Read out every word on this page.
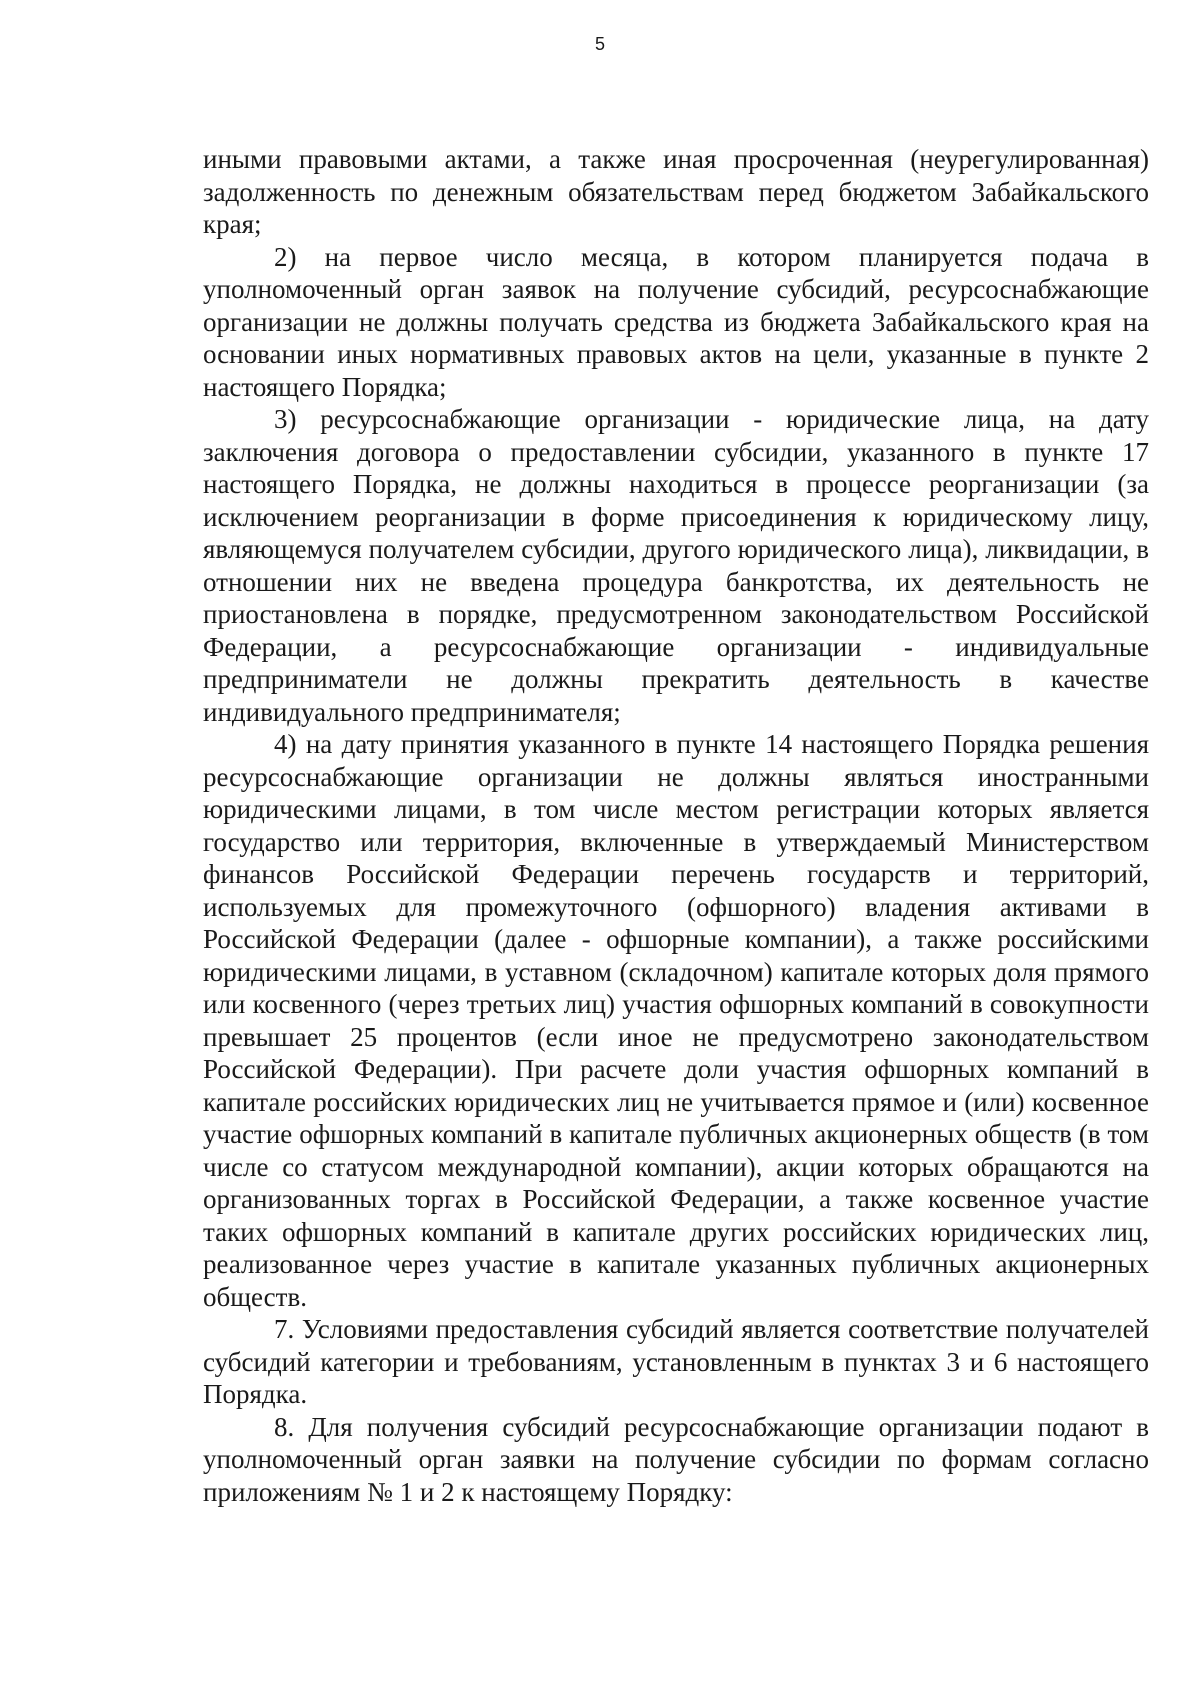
5

иными правовыми актами, а также иная просроченная (неурегулированная) задолженность по денежным обязательствам перед бюджетом Забайкальского края;

2) на первое число месяца, в котором планируется подача в уполномоченный орган заявок на получение субсидий, ресурсоснабжающие организации не должны получать средства из бюджета Забайкальского края на основании иных нормативных правовых актов на цели, указанные в пункте 2 настоящего Порядка;

3) ресурсоснабжающие организации - юридические лица, на дату заключения договора о предоставлении субсидии, указанного в пункте 17 настоящего Порядка, не должны находиться в процессе реорганизации (за исключением реорганизации в форме присоединения к юридическому лицу, являющемуся получателем субсидии, другого юридического лица), ликвидации, в отношении них не введена процедура банкротства, их деятельность не приостановлена в порядке, предусмотренном законодательством Российской Федерации, а ресурсоснабжающие организации - индивидуальные предприниматели не должны прекратить деятельность в качестве индивидуального предпринимателя;

4) на дату принятия указанного в пункте 14 настоящего Порядка решения ресурсоснабжающие организации не должны являться иностранными юридическими лицами, в том числе местом регистрации которых является государство или территория, включенные в утверждаемый Министерством финансов Российской Федерации перечень государств и территорий, используемых для промежуточного (офшорного) владения активами в Российской Федерации (далее - офшорные компании), а также российскими юридическими лицами, в уставном (складочном) капитале которых доля прямого или косвенного (через третьих лиц) участия офшорных компаний в совокупности превышает 25 процентов (если иное не предусмотрено законодательством Российской Федерации). При расчете доли участия офшорных компаний в капитале российских юридических лиц не учитывается прямое и (или) косвенное участие офшорных компаний в капитале публичных акционерных обществ (в том числе со статусом международной компании), акции которых обращаются на организованных торгах в Российской Федерации, а также косвенное участие таких офшорных компаний в капитале других российских юридических лиц, реализованное через участие в капитале указанных публичных акционерных обществ.

7. Условиями предоставления субсидий является соответствие получателей субсидий категории и требованиям, установленным в пунктах 3 и 6 настоящего Порядка.

8. Для получения субсидий ресурсоснабжающие организации подают в уполномоченный орган заявки на получение субсидии по формам согласно приложениям № 1 и 2 к настоящему Порядку:
